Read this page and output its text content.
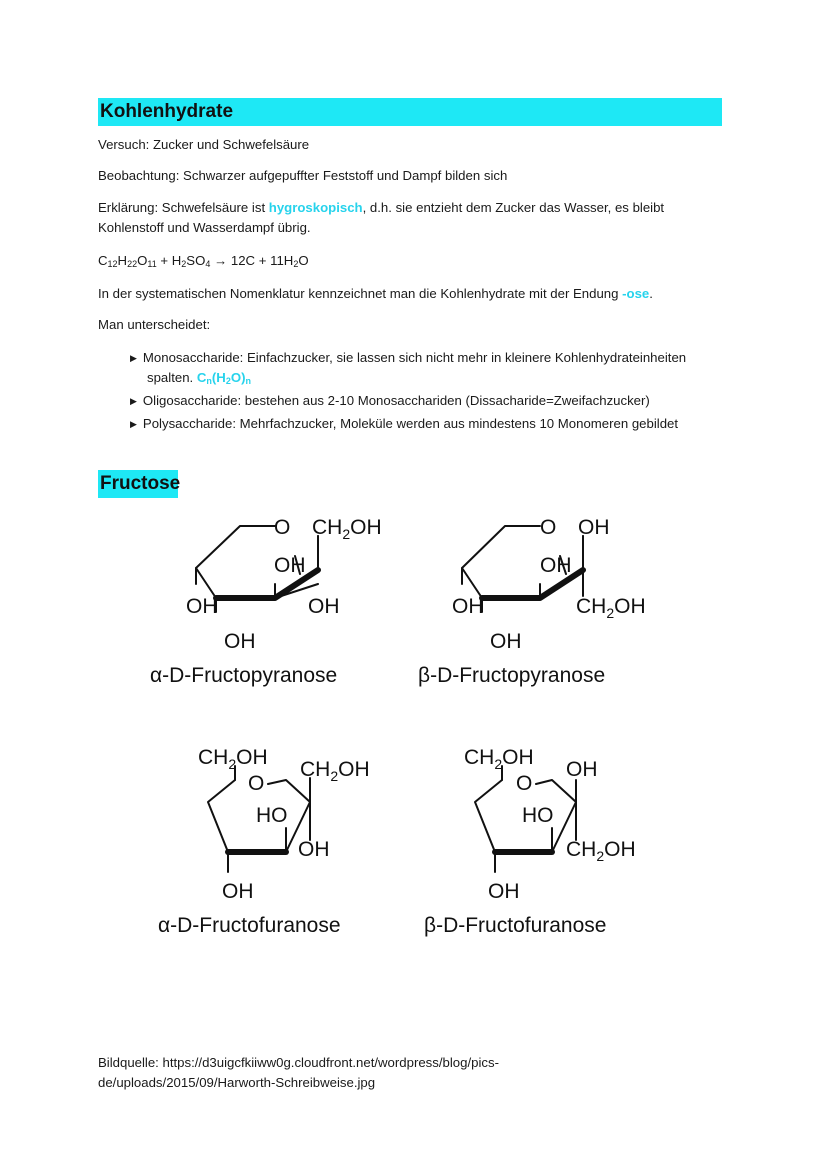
Kohlenhydrate
Versuch: Zucker und Schwefelsäure
Beobachtung: Schwarzer aufgepuffter Feststoff und Dampf bilden sich
Erklärung: Schwefelsäure ist hygroskopisch, d.h. sie entzieht dem Zucker das Wasser, es bleibt
Kohlenstoff und Wasserdampf übrig.
$C_{12}H_{22}O_{11} + H_2SO_4 \to 12C + 11H_2O$
In der systematischen Nomenklatur kennzeichnet man die Kohlenhydrate mit der Endung -ose.
Man unterscheidet:
▶ Monosaccharide: Einfachzucker, sie lassen sich nicht mehr in kleinere Kohlenhydrateinheiten
spalten. $C_n(H_2O)_n$
▶ Oligosaccharide: bestehen aus 2-10 Monosacchariden (Dissacharide=Zweifachzucker)
▶ Polysaccharide: Mehrfachzucker, Moleküle werden aus mindestens 10 Monomeren gebildet
Fructose
O $CH_2OH$
OH
OH	OH
OH
α-D-Fructopyranose
O OH
OH
OH	$CH_2OH$
OH
β-D-Fructopyranose
$CH_2OH$
O
$CH_2OH$
HO
OH
OH
α-D-Fructofuranose
$CH_2OH$
O
OH
HO
$CH_2OH$
OH
β-D-Fructofuranose
Bildquelle: https://d3uigcfkiiww0g.cloudfront.net/wordpress/blog/pics-
de/uploads/2015/09/Harworth-Schreibweise.jpg
